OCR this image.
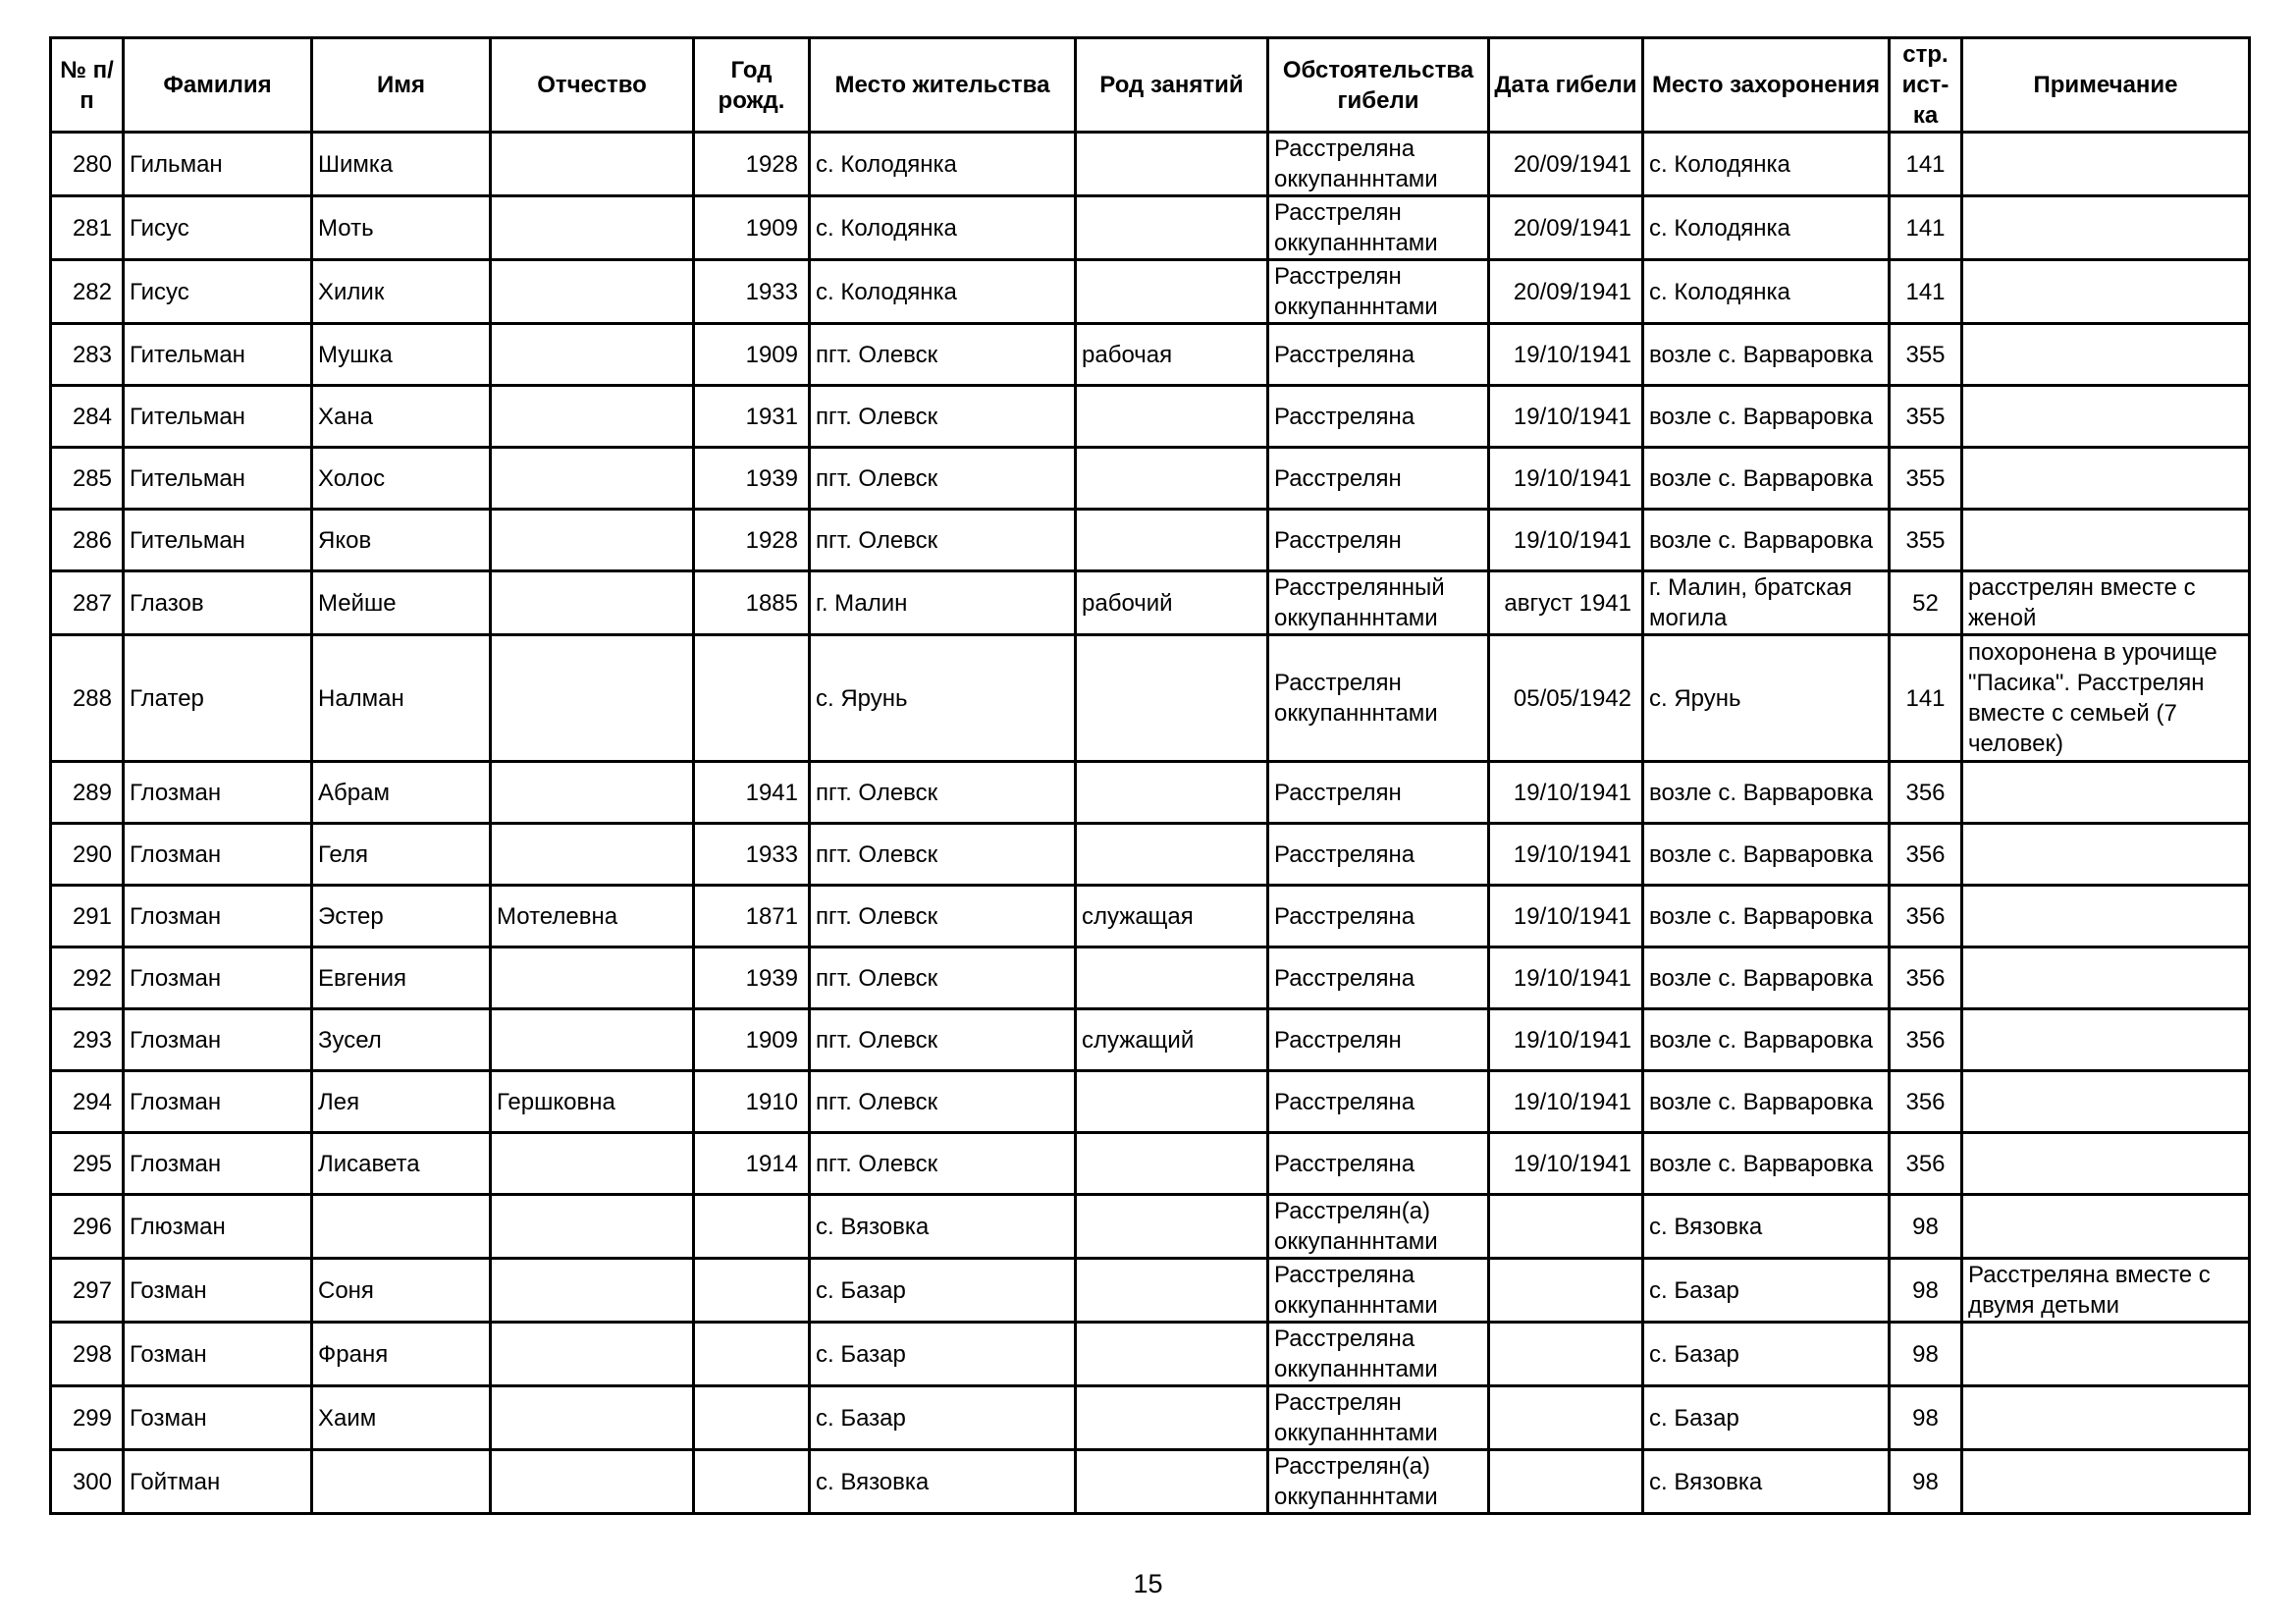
№ п/п	Фамилия	Имя	Отчество	Год рожд.	Место жительства	Род занятий	Обстоятельства гибели	Дата гибели	Место захоронения	стр. ист-ка	Примечание
280	Гильман	Шимка		1928	с. Колодянка		Расстреляна оккупанннтами	20/09/1941	с. Колодянка	141	
281	Гисус	Моть		1909	с. Колодянка		Расстрелян оккупанннтами	20/09/1941	с. Колодянка	141	
282	Гисус	Хилик		1933	с. Колодянка		Расстрелян оккупанннтами	20/09/1941	с. Колодянка	141	
283	Гительман	Мушка		1909	пгт. Олевск	рабочая	Расстреляна	19/10/1941	возле с. Варваровка	355	
284	Гительман	Хана		1931	пгт. Олевск		Расстреляна	19/10/1941	возле с. Варваровка	355	
285	Гительман	Холос		1939	пгт. Олевск		Расстрелян	19/10/1941	возле с. Варваровка	355	
286	Гительман	Яков		1928	пгт. Олевск		Расстрелян	19/10/1941	возле с. Варваровка	355	
287	Глазов	Мейше		1885	г. Малин	рабочий	Расстрелянный оккупанннтами	август 1941	г. Малин, братская могила	52	расстрелян вместе с женой
288	Глатер	Налман			с. Ярунь		Расстрелян оккупанннтами	05/05/1942	с. Ярунь	141	похоронена в урочище "Пасика". Расстрелян вместе с семьей (7 человек)
289	Глозман	Абрам		1941	пгт. Олевск		Расстрелян	19/10/1941	возле с. Варваровка	356	
290	Глозман	Геля		1933	пгт. Олевск		Расстреляна	19/10/1941	возле с. Варваровка	356	
291	Глозман	Эстер	Мотелевна	1871	пгт. Олевск	служащая	Расстреляна	19/10/1941	возле с. Варваровка	356	
292	Глозман	Евгения		1939	пгт. Олевск		Расстреляна	19/10/1941	возле с. Варваровка	356	
293	Глозман	Зусел		1909	пгт. Олевск	служащий	Расстрелян	19/10/1941	возле с. Варваровка	356	
294	Глозман	Лея	Гершковна	1910	пгт. Олевск		Расстреляна	19/10/1941	возле с. Варваровка	356	
295	Глозман	Лисавета		1914	пгт. Олевск		Расстреляна	19/10/1941	возле с. Варваровка	356	
296	Глюзман				с. Вязовка		Расстрелян(а) оккупанннтами		с. Вязовка	98	
297	Гозман	Соня			с. Базар		Расстреляна оккупанннтами		с. Базар	98	Расстреляна вместе с двумя детьми
298	Гозман	Франя			с. Базар		Расстреляна оккупанннтами		с. Базар	98	
299	Гозман	Хаим			с. Базар		Расстрелян оккупанннтами		с. Базар	98	
300	Гойтман				с. Вязовка		Расстрелян(а) оккупанннтами		с. Вязовка	98	
15
